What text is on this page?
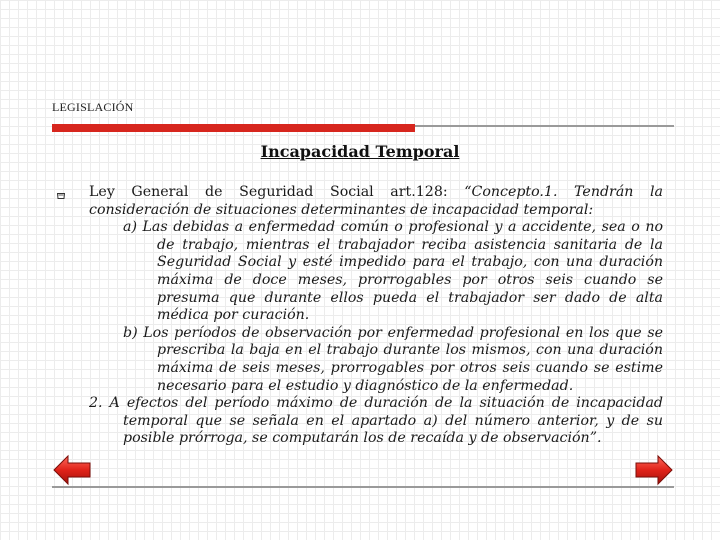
LEGISLACIÓN
Incapacidad Temporal

Ley General de Seguridad Social art.128: “Concepto.1. Tendrán la consideración de situaciones determinantes de incapacidad temporal:

a) Las debidas a enfermedad común o profesional y a accidente, sea o no de trabajo, mientras el trabajador reciba asistencia sanitaria de la Seguridad Social y esté impedido para el trabajo, con una duración máxima de doce meses, prorrogables por otros seis cuando se presuma que durante ellos pueda el trabajador ser dado de alta médica por curación.

b) Los períodos de observación por enfermedad profesional en los que se prescriba la baja en el trabajo durante los mismos, con una duración máxima de seis meses, prorrogables por otros seis cuando se estime necesario para el estudio y diagnóstico de la enfermedad.

2. A efectos del período máximo de duración de la situación de incapacidad temporal que se señala en el apartado a) del número anterior, y de su posible prórroga, se computarán los de recaída y de observación”.
